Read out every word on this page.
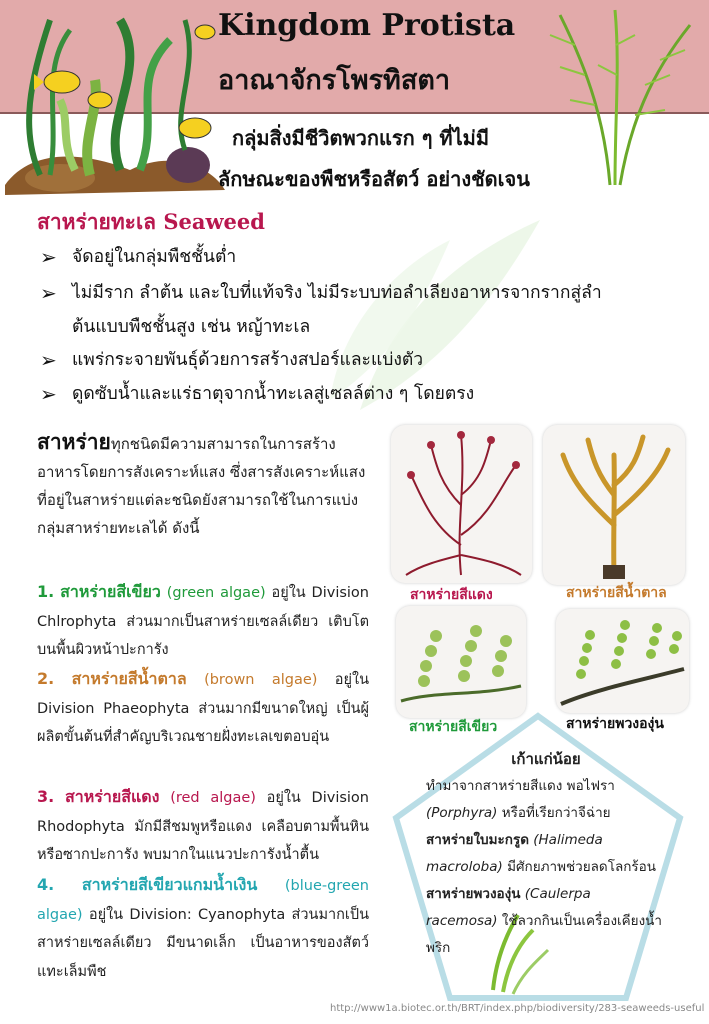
Kingdom Protista
อาณาจักรโพรทิสตา
กลุ่มสิ่งมีชีวิตพวกแรก ๆ ที่ไม่มี
ลักษณะของพืชหรือสัตว์ อย่างชัดเจน
สาหร่ายทะเล Seaweed
➢ จัดอยู่ในกลุ่มพืชชั้นต่ำ
➢ ไม่มีราก ลำต้น และใบที่แท้จริง ไม่มีระบบท่อลำเลียงอาหารจากรากสู่ลำ
ต้นแบบพืชชั้นสูง เช่น หญ้าทะเล
➢ แพร่กระจายพันธุ์ด้วยการสร้างสปอร์และแบ่งตัว
➢ ดูดซับน้ำและแร่ธาตุจากน้ำทะเลสู่เซลล์ต่าง ๆ โดยตรง
สาหร่ายทุกชนิดมีความสามารถในการสร้างอาหารโดยการสังเคราะห์แสง ซึ่งสารสังเคราะห์แสงที่อยู่ในสาหร่ายแต่ละชนิดยังสามารถใช้ในการแบ่งกลุ่มสาหร่ายทะเลได้ ดังนี้
1. สาหร่ายสีเขียว (green algae) อยู่ใน Division Chlrophyta ส่วนมากเป็นสาหร่ายเซลล์เดียว เติบโตบนพื้นผิวหน้าปะการัง
2. สาหร่ายสีน้ำตาล (brown algae) อยู่ใน Division Phaeophyta ส่วนมากมีขนาดใหญ่ เป็นผู้ผลิตขั้นต้นที่สำคัญบริเวณชายฝั่งทะเลเขตอบอุ่น
3. สาหร่ายสีแดง (red algae) อยู่ใน Division Rhodophyta มักมีสีชมพูหรือแดง เคลือบตามพื้นหินหรือซากปะการัง พบมากในแนวปะการังน้ำตื้น
4. สาหร่ายสีเขียวแกมน้ำเงิน (blue-green algae) อยู่ใน Division: Cyanophyta ส่วนมากเป็นสาหร่ายเซลล์เดียว มีขนาดเล็ก เป็นอาหารของสัตว์แทะเล็มพืช
สาหร่ายสีแดง	สาหร่ายสีน้ำตาล
สาหร่ายสีเขียว	สาหร่ายพวงองุ่น
เก้าแก่น้อย
ทำมาจากสาหร่ายสีแดง พอไฟรา (Porphyra) หรือที่เรียกว่าจีฉ่าย
สาหร่ายใบมะกรูด (Halimeda macroloba) มีศักยภาพช่วยลดโลกร้อน
สาหร่ายพวงองุ่น (Caulerpa racemosa) ใช้ลวกกินเป็นเครื่องเคียงน้ำพริก
http://www1a.biotec.or.th/BRT/index.php/biodiversity/283-seaweeds-useful
